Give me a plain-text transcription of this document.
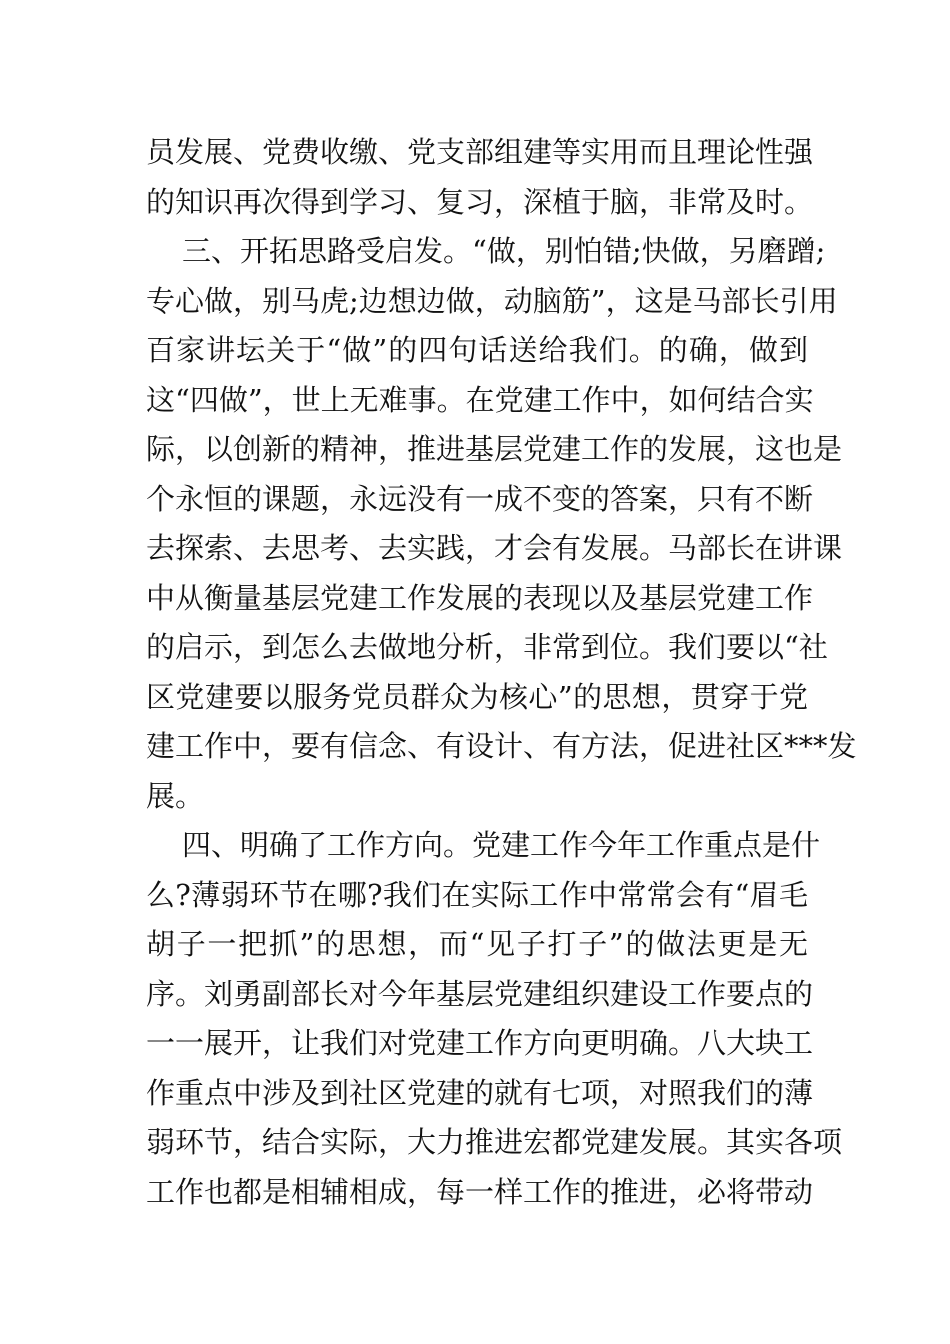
员发展、党费收缴、党支部组建等实用而且理论性强
的知识再次得到学习、复习，深植于脑，非常及时。
三、开拓思路受启发。“做，别怕错;快做，另磨蹭;
专心做，别马虎;边想边做，动脑筋”，这是马部长引用
百家讲坛关于“做”的四句话送给我们。的确，做到
这“四做”，世上无难事。在党建工作中，如何结合实
际，以创新的精神，推进基层党建工作的发展，这也是
个永恒的课题，永远没有一成不变的答案，只有不断
去探索、去思考、去实践，才会有发展。马部长在讲课
中从衡量基层党建工作发展的表现以及基层党建工作
的启示，到怎么去做地分析，非常到位。我们要以“社
区党建要以服务党员群众为核心”的思想，贯穿于党
建工作中，要有信念、有设计、有方法，促进社区***发
展。
四、明确了工作方向。党建工作今年工作重点是什
么?薄弱环节在哪?我们在实际工作中常常会有“眉毛
胡子一把抓”的思想，而“见子打子”的做法更是无
序。刘勇副部长对今年基层党建组织建设工作要点的
一一展开，让我们对党建工作方向更明确。八大块工
作重点中涉及到社区党建的就有七项，对照我们的薄
弱环节，结合实际，大力推进宏都党建发展。其实各项
工作也都是相辅相成，每一样工作的推进，必将带动
